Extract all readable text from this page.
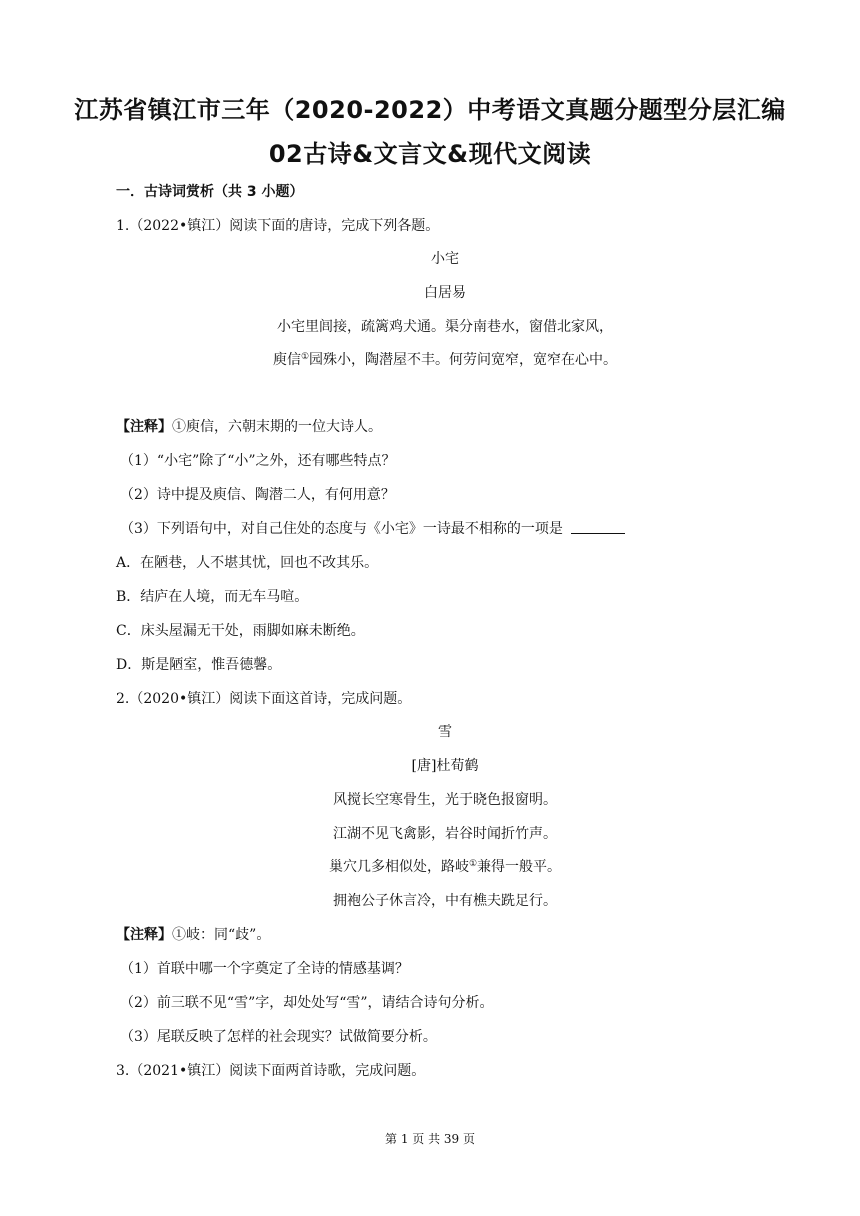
江苏省镇江市三年（2020-2022）中考语文真题分题型分层汇编
02古诗&文言文&现代文阅读
一．古诗词赏析（共 3 小题）
1.（2022•镇江）阅读下面的唐诗，完成下列各题。
小宅
白居易
小宅里闾接，疏篱鸡犬通。渠分南巷水，窗借北家风，
庾信①园殊小，陶潜屋不丰。何劳问宽窄，宽窄在心中。
【注释】①庾信，六朝末期的一位大诗人。
（1）“小宅”除了“小”之外，还有哪些特点？
（2）诗中提及庾信、陶潜二人，有何用意？
（3）下列语句中，对自己住处的态度与《小宅》一诗最不相称的一项是
A．在陋巷，人不堪其忧，回也不改其乐。
B．结庐在人境，而无车马喧。
C．床头屋漏无干处，雨脚如麻未断绝。
D．斯是陋室，惟吾德馨。
2.（2020•镇江）阅读下面这首诗，完成问题。
雪
[唐]杜荀鹤
风搅长空寒骨生，光于晓色报窗明。
江湖不见飞禽影，岩谷时闻折竹声。
巢穴几多相似处，路岐①兼得一般平。
拥袍公子休言冷，中有樵夫跣足行。
【注释】①岐：同“歧”。
（1）首联中哪一个字奠定了全诗的情感基调？
（2）前三联不见“雪”字，却处处写“雪”，请结合诗句分析。
（3）尾联反映了怎样的社会现实？试做简要分析。
3.（2021•镇江）阅读下面两首诗歌，完成问题。
第 1 页 共 39 页
